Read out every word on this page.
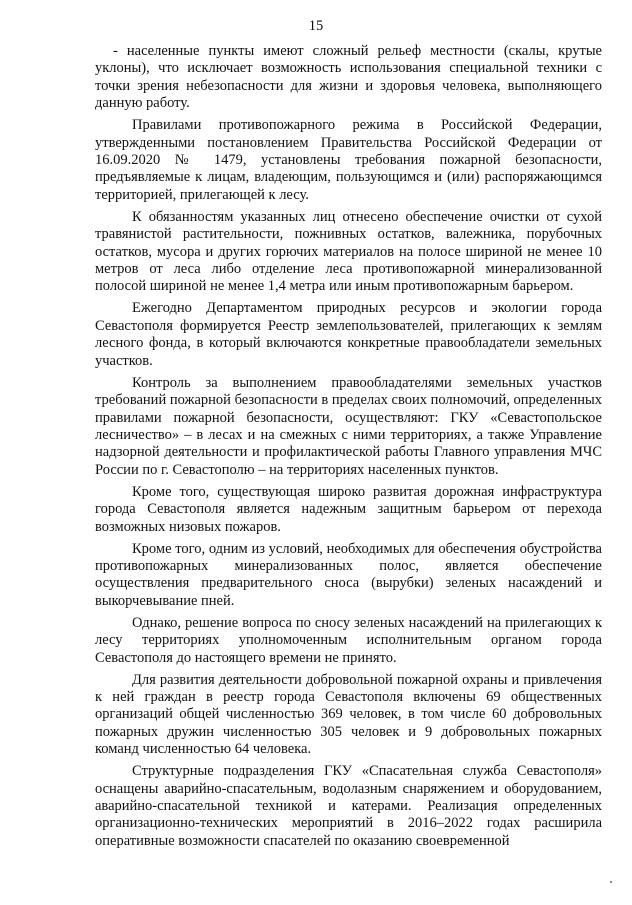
15

- населенные пункты имеют сложный рельеф местности (скалы, крутые уклоны), что исключает возможность использования специальной техники с точки зрения небезопасности для жизни и здоровья человека, выполняющего данную работу.

Правилами противопожарного режима в Российской Федерации, утвержденными постановлением Правительства Российской Федерации от 16.09.2020 № 1479, установлены требования пожарной безопасности, предъявляемые к лицам, владеющим, пользующимся и (или) распоряжающимся территорией, прилегающей к лесу.

К обязанностям указанных лиц отнесено обеспечение очистки от сухой травянистой растительности, пожнивных остатков, валежника, порубочных остатков, мусора и других горючих материалов на полосе шириной не менее 10 метров от леса либо отделение леса противопожарной минерализованной полосой шириной не менее 1,4 метра или иным противопожарным барьером.

Ежегодно Департаментом природных ресурсов и экологии города Севастополя формируется Реестр землепользователей, прилегающих к землям лесного фонда, в который включаются конкретные правообладатели земельных участков.

Контроль за выполнением правообладателями земельных участков требований пожарной безопасности в пределах своих полномочий, определенных правилами пожарной безопасности, осуществляют: ГКУ «Севастопольское лесничество» – в лесах и на смежных с ними территориях, а также Управление надзорной деятельности и профилактической работы Главного управления МЧС России по г. Севастополю – на территориях населенных пунктов.

Кроме того, существующая широко развитая дорожная инфраструктура города Севастополя является надежным защитным барьером от перехода возможных низовых пожаров.

Кроме того, одним из условий, необходимых для обеспечения обустройства противопожарных минерализованных полос, является обеспечение осуществления предварительного сноса (вырубки) зеленых насаждений и выкорчевывание пней.

Однако, решение вопроса по сносу зеленых насаждений на прилегающих к лесу территориях уполномоченным исполнительным органом города Севастополя до настоящего времени не принято.

Для развития деятельности добровольной пожарной охраны и привлечения к ней граждан в реестр города Севастополя включены 69 общественных организаций общей численностью 369 человек, в том числе 60 добровольных пожарных дружин численностью 305 человек и 9 добровольных пожарных команд численностью 64 человека.

Структурные подразделения ГКУ «Спасательная служба Севастополя» оснащены аварийно-спасательным, водолазным снаряжением и оборудованием, аварийно-спасательной техникой и катерами. Реализация определенных организационно-технических мероприятий в 2016–2022 годах расширила оперативные возможности спасателей по оказанию своевременной
